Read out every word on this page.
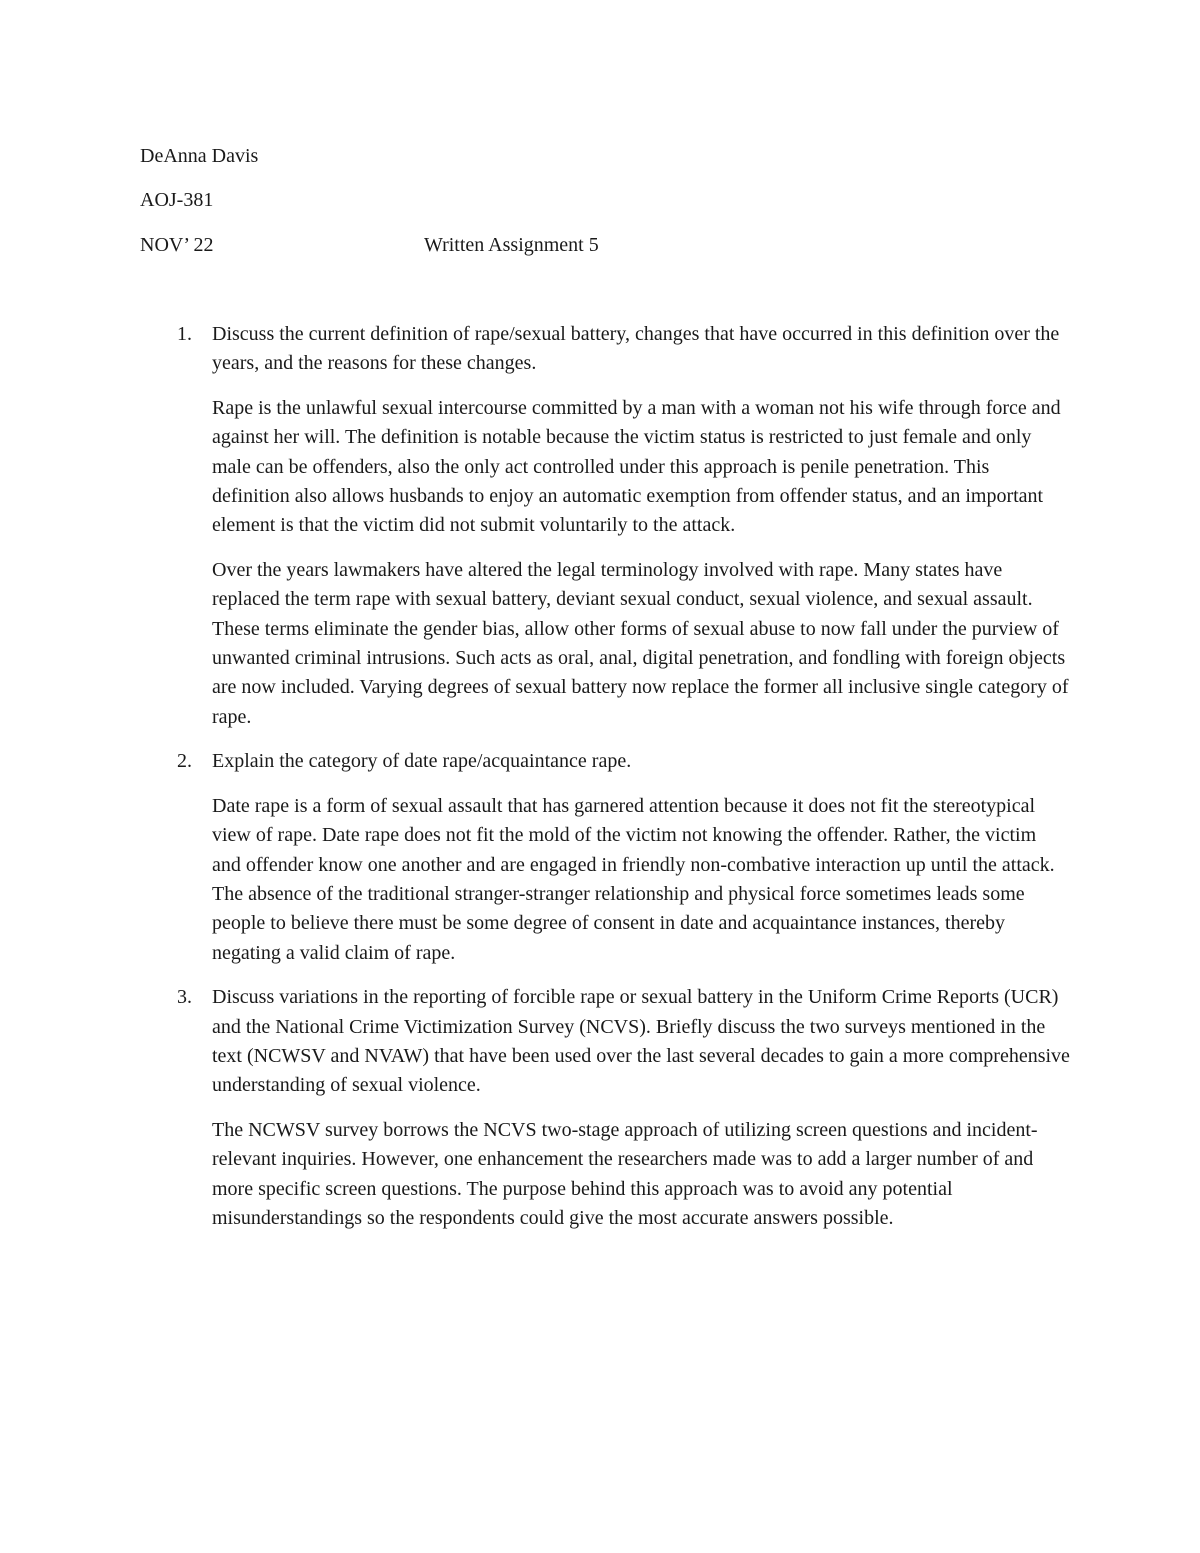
DeAnna Davis
AOJ-381
NOV’ 22	Written Assignment 5
1. Discuss the current definition of rape/sexual battery, changes that have occurred in this definition over the years, and the reasons for these changes.

Rape is the unlawful sexual intercourse committed by a man with a woman not his wife through force and against her will. The definition is notable because the victim status is restricted to just female and only male can be offenders, also the only act controlled under this approach is penile penetration. This definition also allows husbands to enjoy an automatic exemption from offender status, and an important element is that the victim did not submit voluntarily to the attack.

Over the years lawmakers have altered the legal terminology involved with rape. Many states have replaced the term rape with sexual battery, deviant sexual conduct, sexual violence, and sexual assault. These terms eliminate the gender bias, allow other forms of sexual abuse to now fall under the purview of unwanted criminal intrusions. Such acts as oral, anal, digital penetration, and fondling with foreign objects are now included. Varying degrees of sexual battery now replace the former all inclusive single category of rape.

2. Explain the category of date rape/acquaintance rape.

Date rape is a form of sexual assault that has garnered attention because it does not fit the stereotypical view of rape. Date rape does not fit the mold of the victim not knowing the offender. Rather, the victim and offender know one another and are engaged in friendly non-combative interaction up until the attack. The absence of the traditional stranger-stranger relationship and physical force sometimes leads some people to believe there must be some degree of consent in date and acquaintance instances, thereby negating a valid claim of rape.

3. Discuss variations in the reporting of forcible rape or sexual battery in the Uniform Crime Reports (UCR) and the National Crime Victimization Survey (NCVS). Briefly discuss the two surveys mentioned in the text (NCWSV and NVAW) that have been used over the last several decades to gain a more comprehensive understanding of sexual violence.

The NCWSV survey borrows the NCVS two-stage approach of utilizing screen questions and incident-relevant inquiries. However, one enhancement the researchers made was to add a larger number of and more specific screen questions. The purpose behind this approach was to avoid any potential misunderstandings so the respondents could give the most accurate answers possible.
